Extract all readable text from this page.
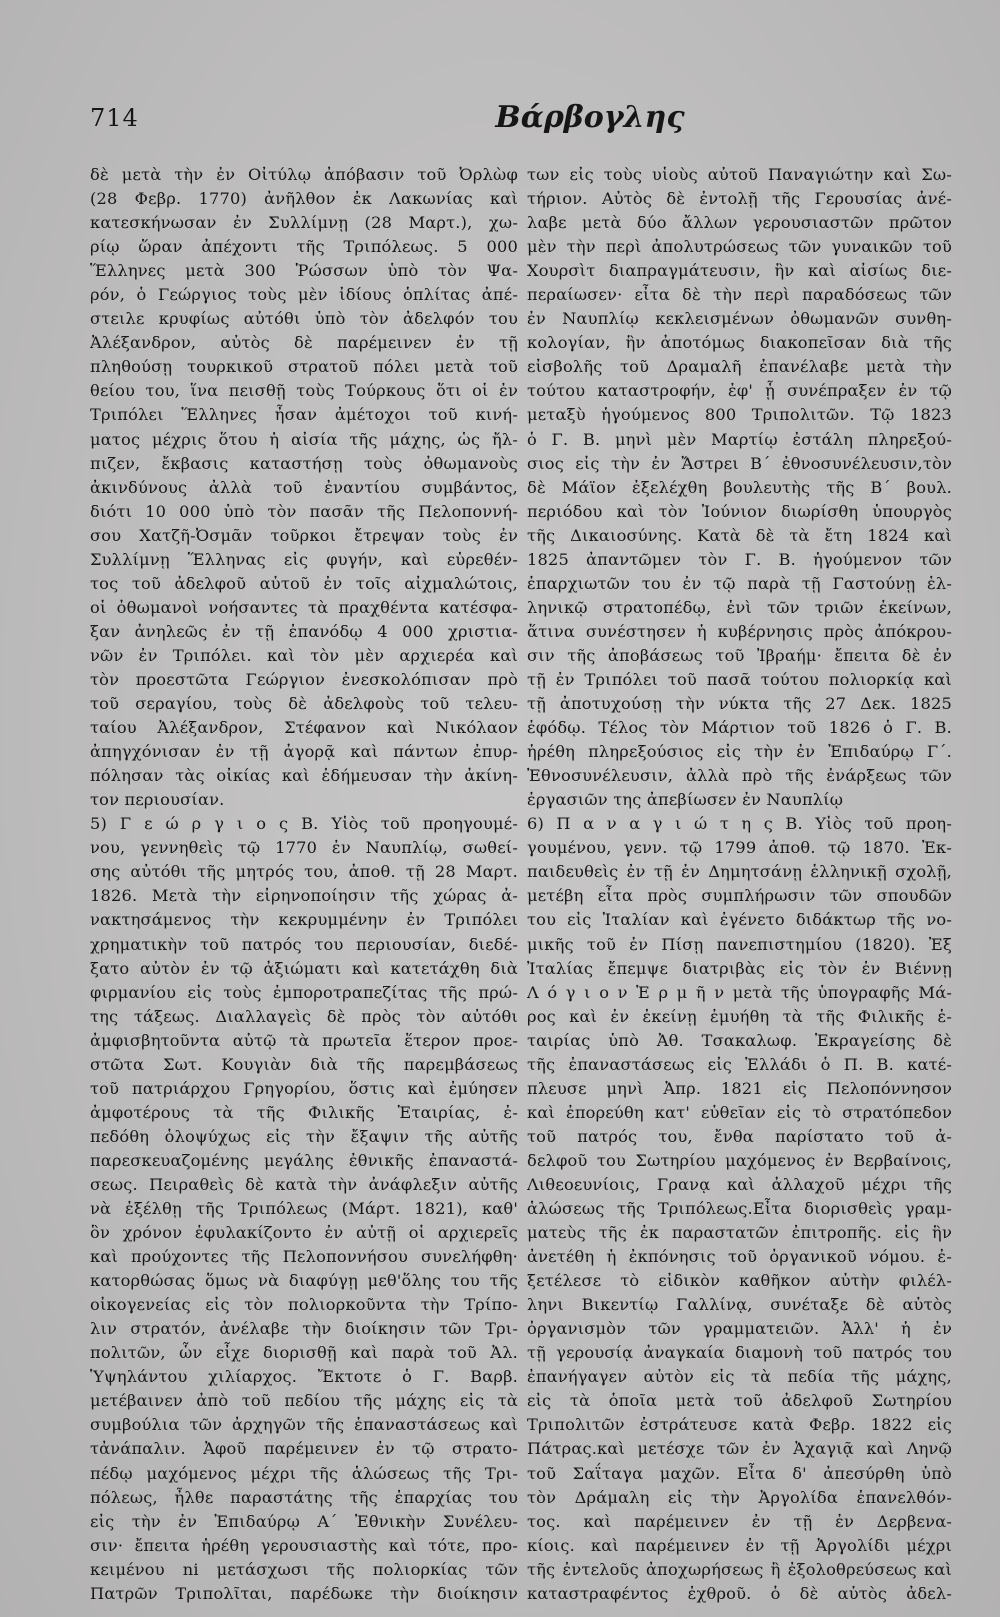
714	Βάρβογλης
δὲ μετὰ τὴν ἐν Οἰτύλῳ ἀπόβασιν τοῦ Ὀρλὼφ
(28 Φεβρ. 1770) ἀνῆλθον ἐκ Λακωνίας καὶ
κατεσκήνωσαν ἐν Συλλίμνῃ (28 Μαρτ.), χω-
ρίῳ ὥραν ἀπέχοντι τῆς Τριπόλεως. 5 000
Ἕλληνες μετὰ 300 Ῥώσσων ὑπὸ τὸν Ψα-
ρόν, ὁ Γεώργιος τοὺς μὲν ἰδίους ὁπλίτας ἀπέ-
στειλε κρυφίως αὐτόθι ὑπὸ τὸν ἀδελφόν του
Ἀλέξανδρον, αὐτὸς δὲ παρέμεινεν ἐν τῇ
πληθούσῃ τουρκικοῦ στρατοῦ πόλει μετὰ τοῦ
θείου του, ἵνα πεισθῇ τοὺς Τούρκους ὅτι οἱ ἐν
Τριπόλει Ἕλληνες ἦσαν ἀμέτοχοι τοῦ κινή-
ματος μέχρις ὅτου ἡ αἰσία τῆς μάχης, ὡς ἤλ-
πιζεν, ἔκβασις καταστήσῃ τοὺς ὀθωμανοὺς
ἀκινδύνους ἀλλὰ τοῦ ἐναντίου συμβάντος,
διότι 10 000 ὑπὸ τὸν πασᾶν τῆς Πελοποννή-
σου Χατζῆ-Ὀσμᾶν τοῦρκοι ἔτρεψαν τοὺς ἐν
Συλλίμνῃ Ἕλληνας εἰς φυγήν, καὶ εὑρεθέν-
τος τοῦ ἀδελφοῦ αὐτοῦ ἐν τοῖς αἰχμαλώτοις,
οἱ ὀθωμανοὶ νοήσαντες τὰ πραχθέντα κατέσφα-
ξαν ἀνηλεῶς ἐν τῇ ἐπανόδῳ 4 000 χριστια-
νῶν ἐν Τριπόλει. καὶ τὸν μὲν αρχιερέα καὶ
τὸν προεστῶτα Γεώργιον ἐνεσκολόπισαν πρὸ
τοῦ σεραγίου, τοὺς δὲ ἀδελφοὺς τοῦ τελευ-
ταίου Ἀλέξανδρον, Στέφανον καὶ Νικόλαον
ἀπηγχόνισαν ἐν τῇ ἀγορᾷ καὶ πάντων ἐπυρ-
πόλησαν τὰς οἰκίας καὶ ἐδήμευσαν τὴν ἀκίνη-
τον περιουσίαν.
5) Γ ε ώ ρ γ ι ο ς Β. Υἱὸς τοῦ προηγουμέ-
νου, γεννηθεὶς τῷ 1770 ἐν Ναυπλίῳ, σωθεί-
σης αὐτόθι τῆς μητρός του, ἀποθ. τῇ 28 Μαρτ.
1826. Μετὰ τὴν εἰρηνοποίησιν τῆς χώρας ἀ-
νακτησάμενος τὴν κεκρυμμένην ἐν Τριπόλει
χρηματικὴν τοῦ πατρός του περιουσίαν, διεδέ-
ξατο αὐτὸν ἐν τῷ ἀξιώματι καὶ κατετάχθη διὰ
φιρμανίου εἰς τοὺς ἐμποροτραπεζίτας τῆς πρώ-
της τάξεως. Διαλλαγεὶς δὲ πρὸς τὸν αὐτόθι
ἀμφισβητοῦντα αὐτῷ τὰ πρωτεῖα ἕτερον προε-
στῶτα Σωτ. Κουγιὰν διὰ τῆς παρεμβάσεως
τοῦ πατριάρχου Γρηγορίου, ὅστις καὶ ἐμύησεν
ἀμφοτέρους τὰ τῆς Φιλικῆς Ἑταιρίας, ἐ-
πεδόθη ὁλοψύχως εἰς τὴν ἔξαψιν τῆς αὐτῆς
παρεσκευαζομένης μεγάλης ἐθνικῆς ἐπαναστά-
σεως. Πειραθεὶς δὲ κατὰ τὴν ἀνάφλεξιν αὐτῆς
νὰ ἐξέλθῃ τῆς Τριπόλεως (Μάρτ. 1821), καθ'
ὃν χρόνον ἐφυλακίζοντο ἐν αὐτῇ οἱ αρχιερεῖς
καὶ προύχοντες τῆς Πελοποννήσου συνελήφθη·
κατορθώσας ὅμως νὰ διαφύγῃ μεθ'ὅλης του τῆς
οἰκογενείας εἰς τὸν πολιορκοῦντα τὴν Τρίπο-
λιν στρατόν, ἀνέλαβε τὴν διοίκησιν τῶν Τρι-
πολιτῶν, ὧν εἶχε διορισθῇ καὶ παρὰ τοῦ Ἀλ.
Ὑψηλάντου χιλίαρχος. Ἔκτοτε ὁ Γ. Βαρβ.
μετέβαινεν ἀπὸ τοῦ πεδίου τῆς μάχης εἰς τὰ
συμβούλια τῶν ἀρχηγῶν τῆς ἐπαναστάσεως καὶ
τἀνάπαλιν. Ἀφοῦ παρέμεινεν ἐν τῷ στρατο-
πέδῳ μαχόμενος μέχρι τῆς ἁλώσεως τῆς Τρι-
πόλεως, ἦλθε παραστάτης τῆς ἐπαρχίας του
εἰς τὴν ἐν Ἐπιδαύρῳ Α´ Ἐθνικὴν Συνέλευ-
σιν· ἔπειτα ἡρέθη γερουσιαστὴς καὶ τότε, προ-
κειμένου ni μετάσχωσι τῆς πολιορκίας τῶν
Πατρῶν Τριπολῖται, παρέδωκε τὴν διοίκησιν
των εἰς τοὺς υἱοὺς αὐτοῦ Παναγιώτην καὶ Σω-
τήριον. Αὐτὸς δὲ ἐντολῇ τῆς Γερουσίας ἀνέ-
λαβε μετὰ δύο ἄλλων γερουσιαστῶν πρῶτον
μὲν τὴν περὶ ἀπολυτρώσεως τῶν γυναικῶν τοῦ
Χουρσὶτ διαπραγμάτευσιν, ἣν καὶ αἰσίως διε-
περαίωσεν· εἶτα δὲ τὴν περὶ παραδόσεως τῶν
ἐν Ναυπλίῳ κεκλεισμένων ὀθωμανῶν συνθη-
κολογίαν, ἣν ἀποτόμως διακοπεῖσαν διὰ τῆς
εἰσβολῆς τοῦ Δραμαλῆ ἐπανέλαβε μετὰ τὴν
τούτου καταστροφήν, ἐφ' ᾗ συνέπραξεν ἐν τῷ
μεταξὺ ἡγούμενος 800 Τριπολιτῶν. Τῷ 1823
ὁ Γ. Β. μηνὶ μὲν Μαρτίῳ ἐστάλη πληρεξού-
σιος εἰς τὴν ἐν Ἄστρει Β´ ἐθνοσυνέλευσιν,τὸν
δὲ Μάϊον ἐξελέχθη βουλευτὴς τῆς Β´ βουλ.
περιόδου καὶ τὸν Ἰούνιον διωρίσθη ὑπουργὸς
τῆς Δικαιοσύνης. Κατὰ δὲ τὰ ἔτη 1824 καὶ
1825 ἀπαντῶμεν τὸν Γ. Β. ἡγούμενον τῶν
ἐπαρχιωτῶν του ἐν τῷ παρὰ τῇ Γαστούνῃ ἑλ-
ληνικῷ στρατοπέδῳ, ἑνὶ τῶν τριῶν ἐκείνων,
ἅτινα συνέστησεν ἡ κυβέρνησις πρὸς ἀπόκρου-
σιν τῆς ἀποβάσεως τοῦ Ἰβραήμ· ἔπειτα δὲ ἐν
τῇ ἐν Τριπόλει τοῦ πασᾶ τούτου πολιορκίᾳ καὶ
τῇ ἀποτυχούσῃ τὴν νύκτα τῆς 27 Δεκ. 1825
ἐφόδῳ. Τέλος τὸν Μάρτιον τοῦ 1826 ὁ Γ. Β.
ἡρέθη πληρεξούσιος εἰς τὴν ἐν Ἐπιδαύρῳ Γ´.
Ἐθνοσυνέλευσιν, ἀλλὰ πρὸ τῆς ἐνάρξεως τῶν
ἐργασιῶν της ἀπεβίωσεν ἐν Ναυπλίῳ
6) Π α ν α γ ι ώ τ η ς Β. Υἱὸς τοῦ προη-
γουμένου, γενν. τῷ 1799 ἀποθ. τῷ 1870. Ἐκ-
παιδευθεὶς ἐν τῇ ἐν Δημητσάνῃ ἑλληνικῇ σχολῇ,
μετέβη εἶτα πρὸς συμπλήρωσιν τῶν σπουδῶν
του εἰς Ἰταλίαν καὶ ἐγένετο διδάκτωρ τῆς νο-
μικῆς τοῦ ἐν Πίσῃ πανεπιστημίου (1820). Ἐξ
Ἰταλίας ἔπεμψε διατριβὰς εἰς τὸν ἐν Βιέννῃ
Λ ό γ ι ο ν Ἑ ρ μ ῆ ν μετὰ τῆς ὑπογραφῆς Μά-
ρος καὶ ἐν ἐκείνῃ ἐμυήθη τὰ τῆς Φιλικῆς ἑ-
ταιρίας ὑπὸ Ἀθ. Τσακαλωφ. Ἐκραγείσης δὲ
τῆς ἐπαναστάσεως εἰς Ἑλλάδι ὁ Π. Β. κατέ-
πλευσε μηνὶ Ἀπρ. 1821 εἰς Πελοπόννησον
καὶ ἐπορεύθη κατ' εὐθεῖαν εἰς τὸ στρατόπεδον
τοῦ πατρός του, ἔνθα παρίστατο τοῦ ἀ-
δελφοῦ του Σωτηρίου μαχόμενος ἐν Βερβαίνοις,
Λιθεοευνίοις, Γρανᾳ καὶ ἀλλαχοῦ μέχρι τῆς
ἁλώσεως τῆς Τριπόλεως.Εἶτα διορισθεὶς γραμ-
ματεὺς τῆς ἐκ παραστατῶν ἐπιτροπῆς. εἰς ἣν
ἀνετέθη ἡ ἐκπόνησις τοῦ ὀργανικοῦ νόμου. ἐ-
ξετέλεσε τὸ εἰδικὸν καθῆκον αὐτὴν φιλέλ-
ληνι Βικεντίῳ Γαλλίνᾳ, συνέταξε δὲ αὐτὸς
ὀργανισμὸν τῶν γραμματειῶν. Ἀλλ' ἡ ἐν
τῇ γερουσίᾳ ἀναγκαία διαμονὴ τοῦ πατρός του
ἐπανήγαγεν αὐτὸν εἰς τὰ πεδία τῆς μάχης,
εἰς τὰ ὁποῖα μετὰ τοῦ ἀδελφοῦ Σωτηρίου
Τριπολιτῶν ἐστράτευσε κατὰ Φεβρ. 1822 εἰς
Πάτρας.καὶ μετέσχε τῶν ἐν Ἀχαγιᾷ καὶ Ληνῷ
τοῦ Σαΐταγα μαχῶν. Εἶτα δ' ἀπεσύρθη ὑπὸ
τὸν Δράμαλη εἰς τὴν Ἀργολίδα ἐπανελθόν-
τος. καὶ παρέμεινεν ἐν τῇ ἐν Δερβενα-
κίοις. καὶ παρέμεινεν ἐν τῇ Ἀργολίδι μέχρι
τῆς ἐντελοῦς ἀποχωρήσεως ἢ ἐξολοθρεύσεως καὶ
καταστραφέντος ἐχθροῦ. ὁ δὲ αὐτὸς ἀδελ-
